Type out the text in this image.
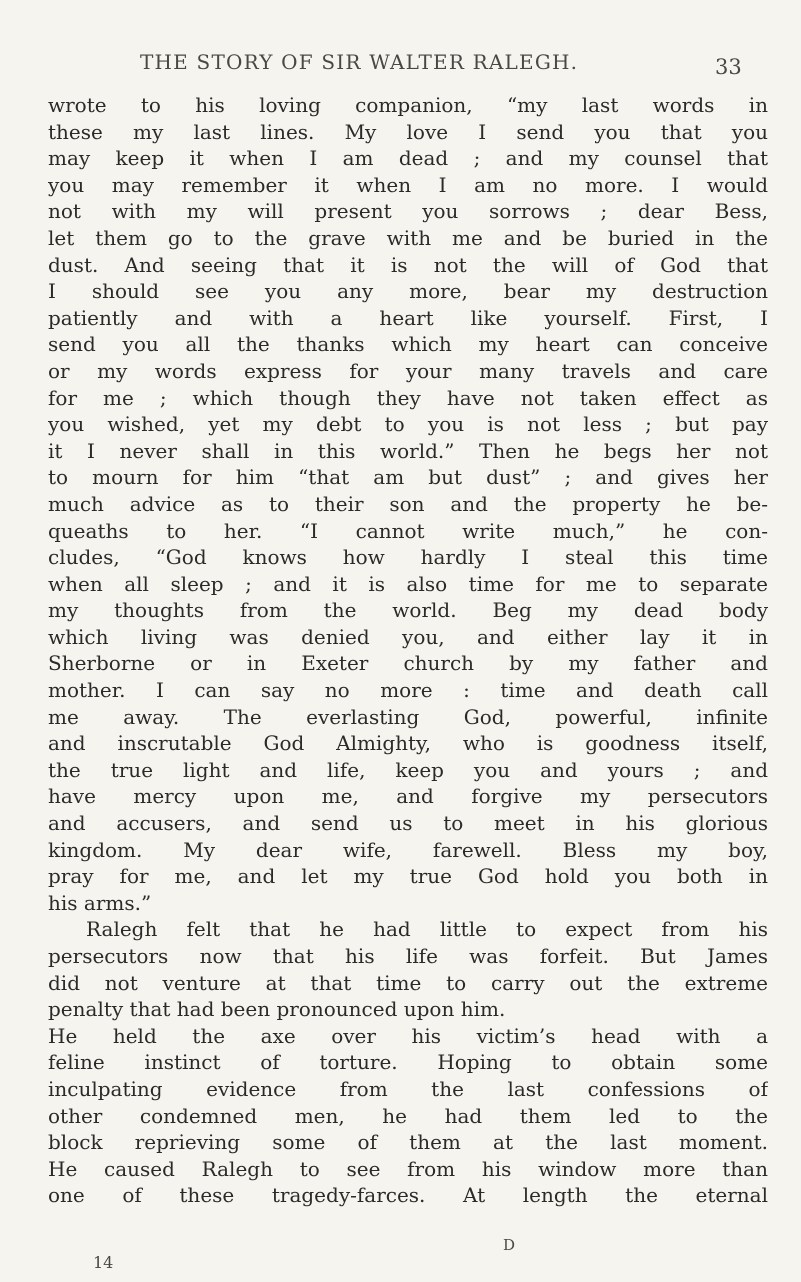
THE STORY OF SIR WALTER RALEGH.	33
wrote to his loving companion, “my last words in
these my last lines. My love I send you that you
may keep it when I am dead ; and my counsel that
you may remember it when I am no more. I would
not with my will present you sorrows ; dear Bess,
let them go to the grave with me and be buried in the
dust. And seeing that it is not the will of God that
I should see you any more, bear my destruction
patiently and with a heart like yourself. First, I
send you all the thanks which my heart can conceive
or my words express for your many travels and care
for me ; which though they have not taken effect as
you wished, yet my debt to you is not less ; but pay
it I never shall in this world.” Then he begs her not
to mourn for him “that am but dust” ; and gives her
much advice as to their son and the property he be-
queaths to her. “I cannot write much,” he con-
cludes, “God knows how hardly I steal this time
when all sleep ; and it is also time for me to separate
my thoughts from the world. Beg my dead body
which living was denied you, and either lay it in
Sherborne or in Exeter church by my father and
mother. I can say no more : time and death call
me away. The everlasting God, powerful, infinite
and inscrutable God Almighty, who is goodness itself,
the true light and life, keep you and yours ; and
have mercy upon me, and forgive my persecutors
and accusers, and send us to meet in his glorious
kingdom. My dear wife, farewell. Bless my boy,
pray for me, and let my true God hold you both in
his arms.”
Ralegh felt that he had little to expect from his
persecutors now that his life was forfeit. But James
did not venture at that time to carry out the extreme
penalty that had been pronounced upon him.
He held the axe over his victim’s head with a
feline instinct of torture. Hoping to obtain some
inculpating evidence from the last confessions of
other condemned men, he had them led to the
block reprieving some of them at the last moment.
He caused Ralegh to see from his window more than
one of these tragedy-farces. At length the eternal
14
D
